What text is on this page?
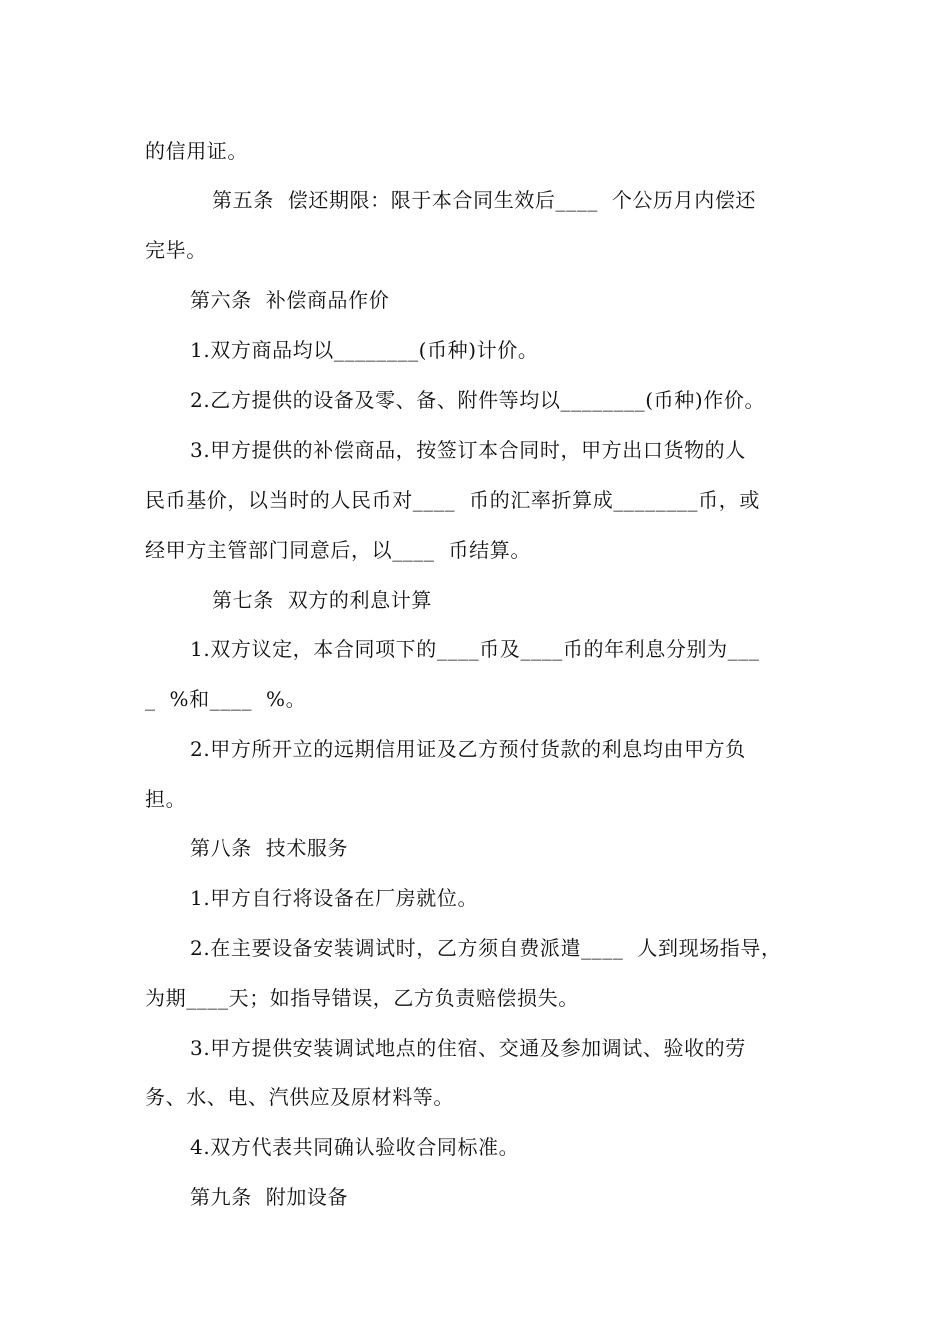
的信用证。
第五条  偿还期限：限于本合同生效后____  个公历月内偿还
完毕。
第六条  补偿商品作价
1.双方商品均以________(币种)计价。
2.乙方提供的设备及零、备、附件等均以________(币种)作价。
3.甲方提供的补偿商品，按签订本合同时，甲方出口货物的人
民币基价，以当时的人民币对____  币的汇率折算成________币，或
经甲方主管部门同意后，以____  币结算。
第七条  双方的利息计算
1.双方议定，本合同项下的____币及____币的年利息分别为___
_  %和____  %。
2.甲方所开立的远期信用证及乙方预付货款的利息均由甲方负
担。
第八条  技术服务
1.甲方自行将设备在厂房就位。
2.在主要设备安装调试时，乙方须自费派遣____  人到现场指导，
为期____天；如指导错误，乙方负责赔偿损失。
3.甲方提供安装调试地点的住宿、交通及参加调试、验收的劳
务、水、电、汽供应及原材料等。
4.双方代表共同确认验收合同标准。
第九条  附加设备
